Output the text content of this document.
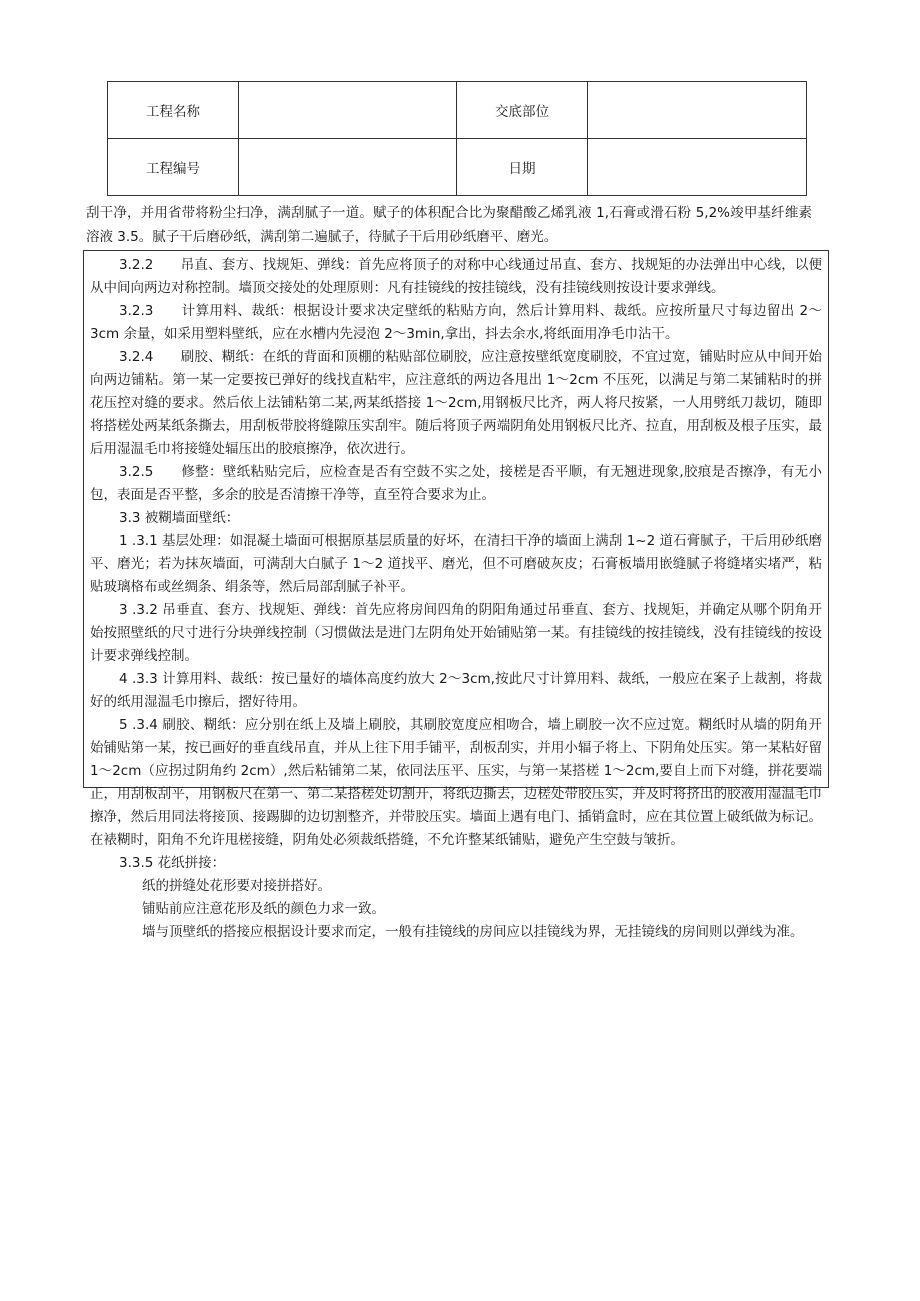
工程名称		交底部位	
工程编号		日期	

刮干净，并用省带将粉尘扫净，满刮腻子一道。赋子的体积配合比为聚醋酸乙烯乳液 1,石膏或滑石粉 5,2%竣甲基纤维素溶液 3.5。腻子干后磨砂纸，满刮第二遍腻子，待腻子干后用砂纸磨平、磨光。

3.2.2　　吊直、套方、找规矩、弹线：首先应将顶子的对称中心线通过吊直、套方、找规矩的办法弹出中心线，以便从中间向两边对称控制。墙顶交接处的处理原则：凡有挂镜线的按挂镜线，没有挂镜线则按设计要求弹线。

3.2.3　　计算用料、裁纸：根据设计要求决定壁纸的粘贴方向，然后计算用料、裁纸。应按所量尺寸每边留出 2～3cm 余量，如采用塑料壁纸，应在水槽内先浸泡 2～3min,拿出，抖去余水,将纸面用净毛巾沾干。

3.2.4　　刷胶、糊纸：在纸的背面和顶棚的粘贴部位刷胶，应注意按壁纸宽度刷胶，不宜过宽，铺贴时应从中间开始向两边铺粘。第一某一定要按已弹好的线找直粘牢，应注意纸的两边各甩出 1～2cm 不压死，以满足与第二某铺粘时的拼花压控对缝的要求。然后依上法铺粘第二某,两某纸搭接 1～2cm,用钢板尺比齐，两人将尺按紧，一人用劈纸刀裁切，随即将搭槎处两某纸条撕去，用刮板带胶将缝隙压实刮牢。随后将顶子两端阴角处用钢板尺比齐、拉直，用刮板及根子压实，最后用湿温毛巾将接缝处辐压出的胶痕擦净，依次进行。

3.2.5　　修整：壁纸粘贴完后，应检查是否有空鼓不实之处，接槎是否平顺，有无翘进现象,胶痕是否擦净，有无小包，表面是否平整，多余的胶是否清擦干净等，直至符合要求为止。

3.3 被糊墙面壁纸：

1 .3.1 基层处理：如混凝土墙面可根据原基层质量的好坏，在清扫干净的墙面上满刮 1~2 道石膏腻子，干后用砂纸磨平、磨光；若为抹灰墙面，可满刮大白腻子 1～2 道找平、磨光，但不可磨破灰皮；石膏板墙用嵌缝腻子将缝堵实堵严，粘贴玻璃格布或丝绸条、绢条等，然后局部刮腻子补平。

3 .3.2 吊垂直、套方、找规矩、弹线：首先应将房间四角的阴阳角通过吊垂直、套方、找规矩，并确定从哪个阴角开始按照壁纸的尺寸进行分块弹线控制（习惯做法是进门左阴角处开始铺贴第一某。有挂镜线的按挂镜线，没有挂镜线的按设计要求弹线控制。

4 .3.3 计算用料、裁纸：按已量好的墙体高度约放大 2～3cm,按此尺寸计算用料、裁纸，一般应在案子上裁割，将裁好的纸用湿温毛巾擦后，摺好待用。

5 .3.4 刷胶、糊纸：应分别在纸上及墙上刷胶，其刷胶宽度应相吻合，墙上刷胶一次不应过宽。糊纸时从墙的阴角开始铺贴第一某，按已画好的垂直线吊直，并从上往下用手铺平，刮板刮实，并用小辐子将上、下阴角处压实。第一某粘好留 1～2cm（应拐过阴角约 2cm）,然后粘铺第二某，依同法压平、压实，与第一某搭槎 1～2cm,要自上而下对缝，拼花要端正，用刮板刮平，用钢板尺在第一、第二某搭槎处切割开，将纸边撕去，边槎处带胶压实，并及时将挤出的胶液用湿温毛巾擦净，然后用同法将接顶、接踢脚的边切割整齐，并带胶压实。墙面上遇有电门、插销盒时，应在其位置上破纸做为标记。在裱糊时，阳角不允许甩槎接缝，阴角处必须裁纸搭缝，不允许整某纸铺贴，避免产生空鼓与皱折。

3.3.5 花纸拼接：

纸的拼缝处花形要对接拼搭好。

铺贴前应注意花形及纸的颜色力求一致。

墙与顶壁纸的搭接应根据设计要求而定，一般有挂镜线的房间应以挂镜线为界，无挂镜线的房间则以弹线为准。
